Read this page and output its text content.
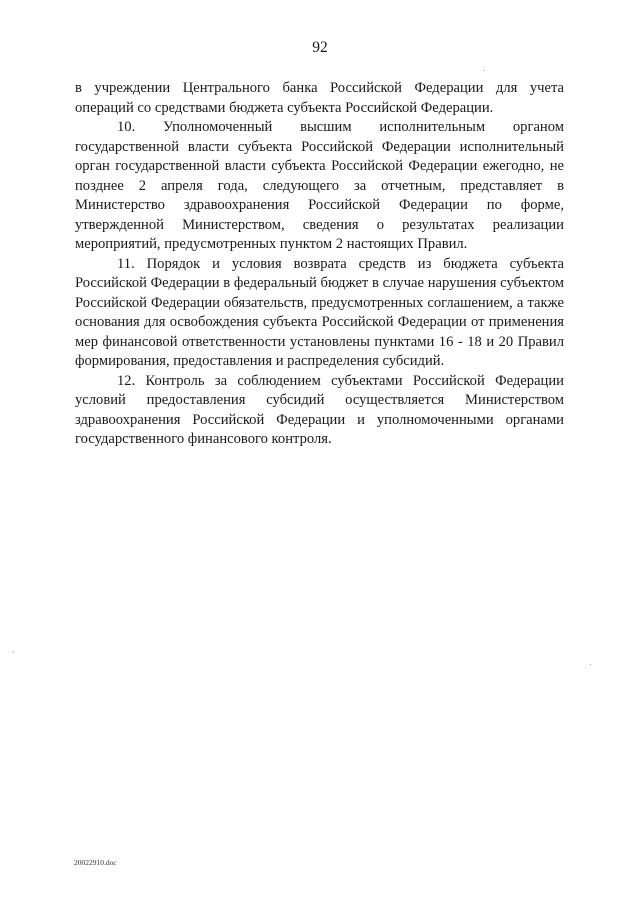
92

в учреждении Центрального банка Российской Федерации для учета операций со средствами бюджета субъекта Российской Федерации.

10. Уполномоченный высшим исполнительным органом государственной власти субъекта Российской Федерации исполнительный орган государственной власти субъекта Российской Федерации ежегодно, не позднее 2 апреля года, следующего за отчетным, представляет в Министерство здравоохранения Российской Федерации по форме, утвержденной Министерством, сведения о результатах реализации мероприятий, предусмотренных пунктом 2 настоящих Правил.

11. Порядок и условия возврата средств из бюджета субъекта Российской Федерации в федеральный бюджет в случае нарушения субъектом Российской Федерации обязательств, предусмотренных соглашением, а также основания для освобождения субъекта Российской Федерации от применения мер финансовой ответственности установлены пунктами 16 - 18 и 20 Правил формирования, предоставления и распределения субсидий.

12. Контроль за соблюдением субъектами Российской Федерации условий предоставления субсидий осуществляется Министерством здравоохранения Российской Федерации и уполномоченными органами государственного финансового контроля.

20022910.doc
